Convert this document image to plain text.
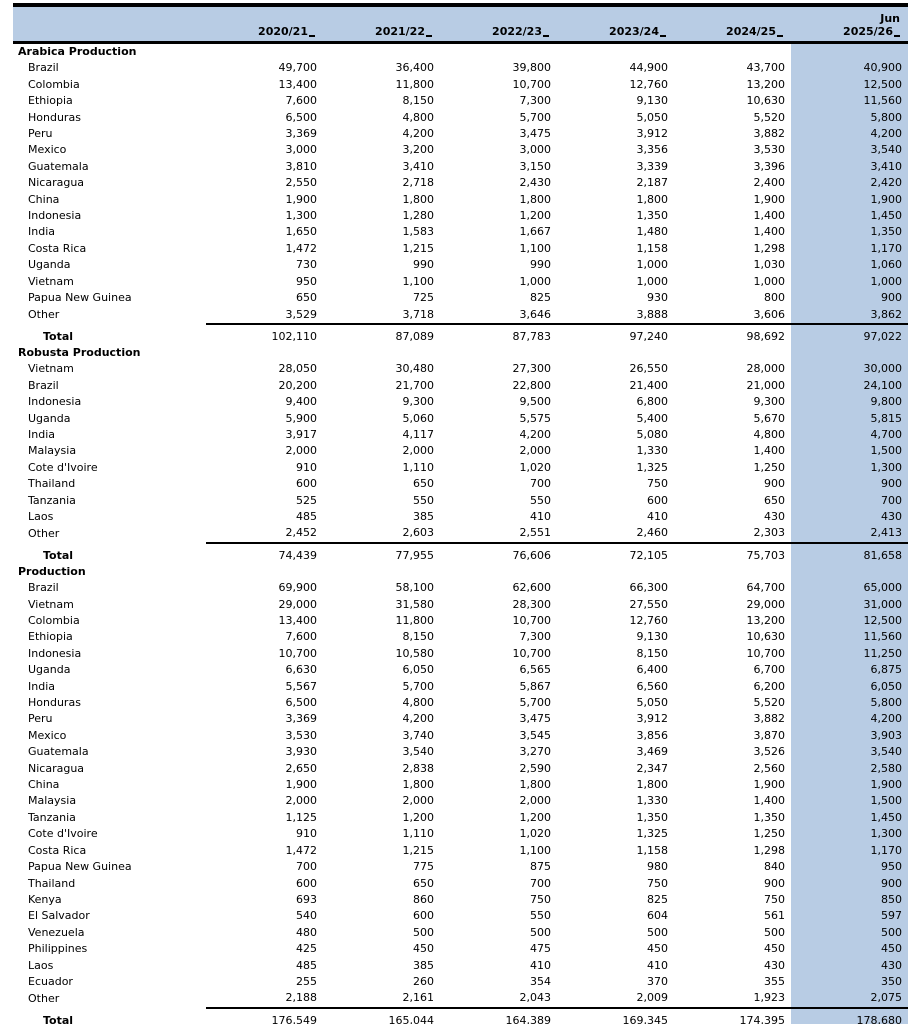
	2020/21	2021/22	2022/23	2023/24	2024/25	Jun
2025/26

Arabica Production						
Brazil	49,700	36,400	39,800	44,900	43,700	40,900
Colombia	13,400	11,800	10,700	12,760	13,200	12,500
Ethiopia	7,600	8,150	7,300	9,130	10,630	11,560
Honduras	6,500	4,800	5,700	5,050	5,520	5,800
Peru	3,369	4,200	3,475	3,912	3,882	4,200
Mexico	3,000	3,200	3,000	3,356	3,530	3,540
Guatemala	3,810	3,410	3,150	3,339	3,396	3,410
Nicaragua	2,550	2,718	2,430	2,187	2,400	2,420
China	1,900	1,800	1,800	1,800	1,900	1,900
Indonesia	1,300	1,280	1,200	1,350	1,400	1,450
India	1,650	1,583	1,667	1,480	1,400	1,350
Costa Rica	1,472	1,215	1,100	1,158	1,298	1,170
Uganda	730	990	990	1,000	1,030	1,060
Vietnam	950	1,100	1,000	1,000	1,000	1,000
Papua New Guinea	650	725	825	930	800	900
Other	3,529	3,718	3,646	3,888	3,606	3,862
Total	102,110	87,089	87,783	97,240	98,692	97,022
Robusta Production						
Vietnam	28,050	30,480	27,300	26,550	28,000	30,000
Brazil	20,200	21,700	22,800	21,400	21,000	24,100
Indonesia	9,400	9,300	9,500	6,800	9,300	9,800
Uganda	5,900	5,060	5,575	5,400	5,670	5,815
India	3,917	4,117	4,200	5,080	4,800	4,700
Malaysia	2,000	2,000	2,000	1,330	1,400	1,500
Cote d'Ivoire	910	1,110	1,020	1,325	1,250	1,300
Thailand	600	650	700	750	900	900
Tanzania	525	550	550	600	650	700
Laos	485	385	410	410	430	430
Other	2,452	2,603	2,551	2,460	2,303	2,413
Total	74,439	77,955	76,606	72,105	75,703	81,658
Production						
Brazil	69,900	58,100	62,600	66,300	64,700	65,000
Vietnam	29,000	31,580	28,300	27,550	29,000	31,000
Colombia	13,400	11,800	10,700	12,760	13,200	12,500
Ethiopia	7,600	8,150	7,300	9,130	10,630	11,560
Indonesia	10,700	10,580	10,700	8,150	10,700	11,250
Uganda	6,630	6,050	6,565	6,400	6,700	6,875
India	5,567	5,700	5,867	6,560	6,200	6,050
Honduras	6,500	4,800	5,700	5,050	5,520	5,800
Peru	3,369	4,200	3,475	3,912	3,882	4,200
Mexico	3,530	3,740	3,545	3,856	3,870	3,903
Guatemala	3,930	3,540	3,270	3,469	3,526	3,540
Nicaragua	2,650	2,838	2,590	2,347	2,560	2,580
China	1,900	1,800	1,800	1,800	1,900	1,900
Malaysia	2,000	2,000	2,000	1,330	1,400	1,500
Tanzania	1,125	1,200	1,200	1,350	1,350	1,450
Cote d'Ivoire	910	1,110	1,020	1,325	1,250	1,300
Costa Rica	1,472	1,215	1,100	1,158	1,298	1,170
Papua New Guinea	700	775	875	980	840	950
Thailand	600	650	700	750	900	900
Kenya	693	860	750	825	750	850
El Salvador	540	600	550	604	561	597
Venezuela	480	500	500	500	500	500
Philippines	425	450	475	450	450	450
Laos	485	385	410	410	430	430
Ecuador	255	260	354	370	355	350
Other	2,188	2,161	2,043	2,009	1,923	2,075
Total	176,549	165,044	164,389	169,345	174,395	178,680
